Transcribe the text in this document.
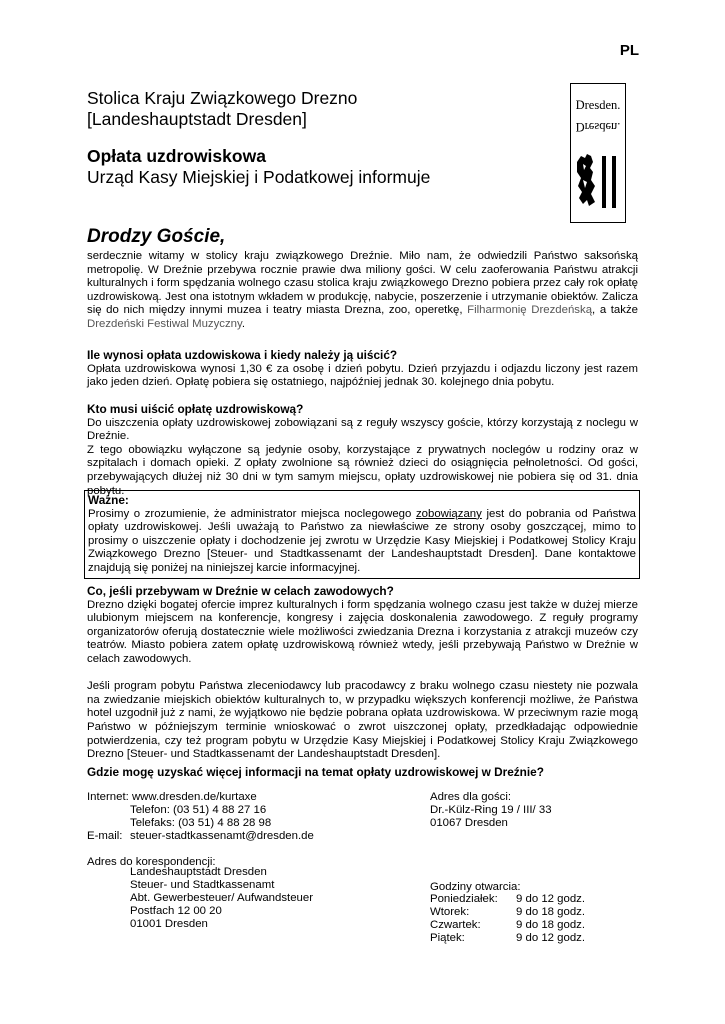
PL
Stolica Kraju Związkowego Drezno
[Landeshauptstadt Dresden]
Opłata uzdrowiskowa
Urząd Kasy Miejskiej i Podatkowej informuje
Dresden.
Dresden.
Drodzy Goście,

serdecznie witamy w stolicy kraju związkowego Dreźnie. Miło nam, że odwiedzili Państwo saksońską metropolię. W Dreźnie przebywa rocznie prawie dwa miliony gości. W celu zaoferowania Państwu atrakcji kulturalnych i form spędzania wolnego czasu stolica kraju związkowego Drezno pobiera przez cały rok opłatę uzdrowiskową. Jest ona istotnym wkładem w produkcję, nabycie, poszerzenie i utrzymanie obiektów. Zalicza się do nich między innymi muzea i teatry miasta Drezna, zoo, operetkę, Filharmonię Drezdeńską, a także Drezdeński Festiwal Muzyczny.

Ile wynosi opłata uzdowiskowa i kiedy należy ją uiścić?

Opłata uzdrowiskowa wynosi 1,30 € za osobę i dzień pobytu. Dzień przyjazdu i odjazdu liczony jest razem jako jeden dzień. Opłatę pobiera się ostatniego, najpóźniej jednak 30. kolejnego dnia pobytu.

Kto musi uiścić opłatę uzdrowiskową?

Do uiszczenia opłaty uzdrowiskowej zobowiązani są z reguły wszyscy goście, którzy korzystają z noclegu w Dreźnie.

Z tego obowiązku wyłączone są jedynie osoby, korzystające z prywatnych noclegów u rodziny oraz w szpitalach i domach opieki. Z opłaty zwolnione są również dzieci do osiągnięcia pełnoletności. Od gości, przebywających dłużej niż 30 dni w tym samym miejscu, opłaty uzdrowiskowej nie pobiera się od 31. dnia pobytu.

Ważne:

Prosimy o zrozumienie, że administrator miejsca noclegowego zobowiązany jest do pobrania od Państwa opłaty uzdrowiskowej. Jeśli uważają to Państwo za niewłaściwe ze strony osoby goszczącej, mimo to prosimy o uiszczenie opłaty i dochodzenie jej zwrotu w Urzędzie Kasy Miejskiej i Podatkowej Stolicy Kraju Związkowego Drezno [Steuer- und Stadtkassenamt der Landeshauptstadt Dresden]. Dane kontaktowe znajdują się poniżej na niniejszej karcie informacyjnej.

Co, jeśli przebywam w Dreźnie w celach zawodowych?

Drezno dzięki bogatej ofercie imprez kulturalnych i form spędzania wolnego czasu jest także w dużej mierze ulubionym miejscem na konferencje, kongresy i zajęcia doskonalenia zawodowego. Z reguły programy organizatorów oferują dostatecznie wiele możliwości zwiedzania Drezna i korzystania z atrakcji muzeów czy teatrów. Miasto pobiera zatem opłatę uzdrowiskową również wtedy, jeśli przebywają Państwo w Dreźnie w celach zawodowych.

Jeśli program pobytu Państwa zleceniodawcy lub pracodawcy z braku wolnego czasu niestety nie pozwala na zwiedzanie miejskich obiektów kulturalnych to, w przypadku większych konferencji możliwe, że Państwa hotel uzgodnił już z nami, że wyjątkowo nie będzie pobrana opłata uzdrowiskowa. W przeciwnym razie mogą Państwo w późniejszym terminie wnioskować o zwrot uiszczonej opłaty, przedkładając odpowiednie potwierdzenia, czy też program pobytu w Urzędzie Kasy Miejskiej i Podatkowej Stolicy Kraju Związkowego Drezno [Steuer- und Stadtkassenamt der Landeshauptstadt Dresden].

Gdzie mogę uzyskać więcej informacji na temat opłaty uzdrowiskowej w Dreźnie?
Internet: www.dresden.de/kurtaxe
Telefon: (03 51) 4 88 27 16
Telefaks: (03 51) 4 88 28 98
E-mail: steuer-stadtkassenamt@dresden.de
Adres dla gości:
Dr.-Külz-Ring 19 / III/ 33
01067 Dresden
Adres do korespondencji:
Landeshauptstadt Dresden
Steuer- und Stadtkassenamt
Abt. Gewerbesteuer/ Aufwandsteuer
Postfach 12 00 20
01001 Dresden
Godziny otwarcia:
Poniedziałek: 9 do 12 godz.
Wtorek:	9 do 18 godz.
Czwartek:	9 do 18 godz.
Piątek:	9 do 12 godz.
